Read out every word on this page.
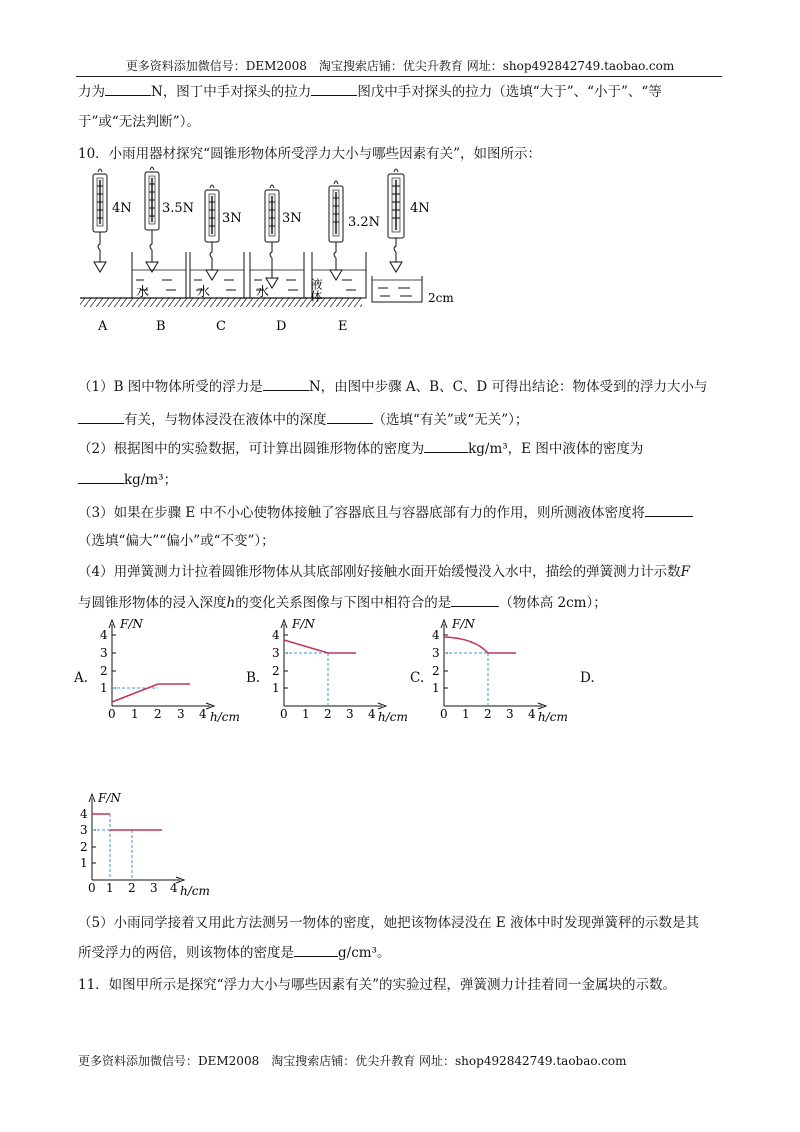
更多资料添加微信号：DEM2008　淘宝搜索店铺：优尖升教育 网址：shop492842749.taobao.com
力为	N，图丁中手对探头的拉力	图戊中手对探头的拉力（选填“大于”、“小于”、“等
于”或“无法判断”）。
10．小雨用器材探究“圆锥形物体所受浮力大小与哪些因素有关”，如图所示：
4N 3.5N
3N	3N	3.2N
4N
水	水	水	液体	2cm
A	B	C	D	E
（1）B 图中物体所受的浮力是	N，由图中步骤 A、B、C、D 可得出结论：物体受到的浮力大小与
有关，与物体浸没在液体中的深度	（选填“有关”或“无关”）；
（2）根据图中的实验数据，可计算出圆锥形物体的密度为	kg/m³，E 图中液体的密度为
kg/m³；
（3）如果在步骤 E 中不小心使物体接触了容器底且与容器底部有力的作用，则所测液体密度将
（选填“偏大”“偏小”或“不变”）；
（4）用弹簧测力计拉着圆锥形物体从其底部刚好接触水面开始缓慢没入水中，描绘的弹簧测力计示数F
与圆锥形物体的浸入深度h的变化关系图像与下图中相符合的是	（物体高 2cm）；
A.	B.	C.	D.
F/N
4
3
2
1
0 1 2 3 4 h/cm
F/N
4
3
2
1
0 1 2 3 4 h/cm
F/N
4
3
2
1
0 1 2 3 4 h/cm
F/N
4
3
2
1
0 1 2 3 4 h/cm
（5）小雨同学接着又用此方法测另一物体的密度，她把该物体浸没在 E 液体中时发现弹簧秤的示数是其
所受浮力的两倍，则该物体的密度是	g/cm³。
11．如图甲所示是探究“浮力大小与哪些因素有关”的实验过程，弹簧测力计挂着同一金属块的示数。
更多资料添加微信号：DEM2008　淘宝搜索店铺：优尖升教育 网址：shop492842749.taobao.com
